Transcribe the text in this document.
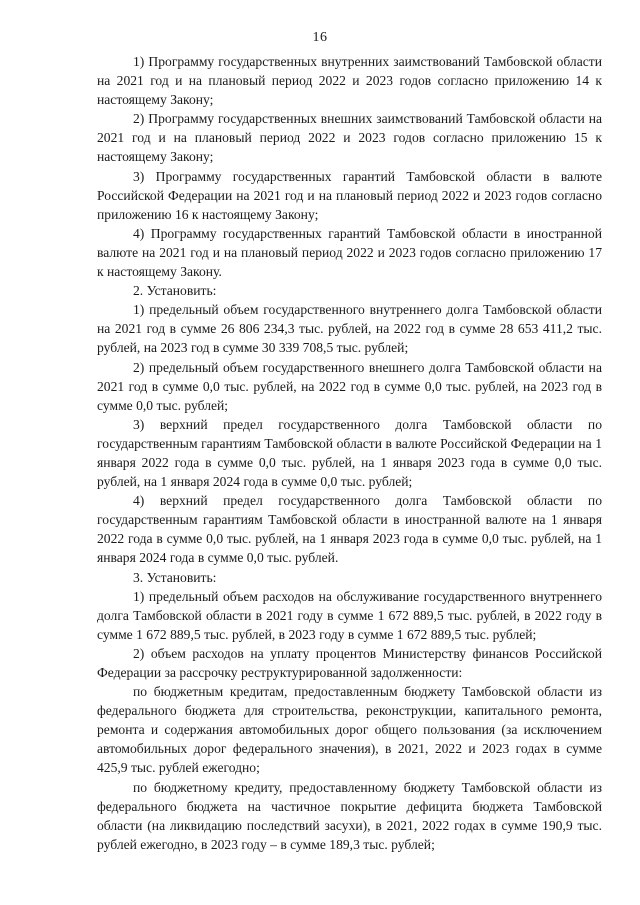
16

1) Программу государственных внутренних заимствований Тамбовской области на 2021 год и на плановый период 2022 и 2023 годов согласно приложению 14 к настоящему Закону;

2) Программу государственных внешних заимствований Тамбовской области на 2021 год и на плановый период 2022 и 2023 годов согласно приложению 15 к настоящему Закону;

3) Программу государственных гарантий Тамбовской области в валюте Российской Федерации на 2021 год и на плановый период 2022 и 2023 годов согласно приложению 16 к настоящему Закону;

4) Программу государственных гарантий Тамбовской области в иностранной валюте на 2021 год и на плановый период 2022 и 2023 годов согласно приложению 17 к настоящему Закону.

2. Установить:

1) предельный объем государственного внутреннего долга Тамбовской области на 2021 год в сумме 26 806 234,3 тыс. рублей, на 2022 год в сумме 28 653 411,2 тыс. рублей, на 2023 год в сумме 30 339 708,5 тыс. рублей;

2) предельный объем государственного внешнего долга Тамбовской области на 2021 год в сумме 0,0 тыс. рублей, на 2022 год в сумме 0,0 тыс. рублей, на 2023 год в сумме 0,0 тыс. рублей;

3) верхний предел государственного долга Тамбовской области по государственным гарантиям Тамбовской области в валюте Российской Федерации на 1 января 2022 года в сумме 0,0 тыс. рублей, на 1 января 2023 года в сумме 0,0 тыс. рублей, на 1 января 2024 года в сумме 0,0 тыс. рублей;

4) верхний предел государственного долга Тамбовской области по государственным гарантиям Тамбовской области в иностранной валюте на 1 января 2022 года в сумме 0,0 тыс. рублей, на 1 января 2023 года в сумме 0,0 тыс. рублей, на 1 января 2024 года в сумме 0,0 тыс. рублей.

3. Установить:

1) предельный объем расходов на обслуживание государственного внутреннего долга Тамбовской области в 2021 году в сумме 1 672 889,5 тыс. рублей, в 2022 году в сумме 1 672 889,5 тыс. рублей, в 2023 году в сумме 1 672 889,5 тыс. рублей;

2) объем расходов на уплату процентов Министерству финансов Российской Федерации за рассрочку реструктурированной задолженности:

по бюджетным кредитам, предоставленным бюджету Тамбовской области из федерального бюджета для строительства, реконструкции, капитального ремонта, ремонта и содержания автомобильных дорог общего пользования (за исключением автомобильных дорог федерального значения), в 2021, 2022 и 2023 годах в сумме 425,9 тыс. рублей ежегодно;

по бюджетному кредиту, предоставленному бюджету Тамбовской области из федерального бюджета на частичное покрытие дефицита бюджета Тамбовской области (на ликвидацию последствий засухи), в 2021, 2022 годах в сумме 190,9 тыс. рублей ежегодно, в 2023 году – в сумме 189,3 тыс. рублей;
